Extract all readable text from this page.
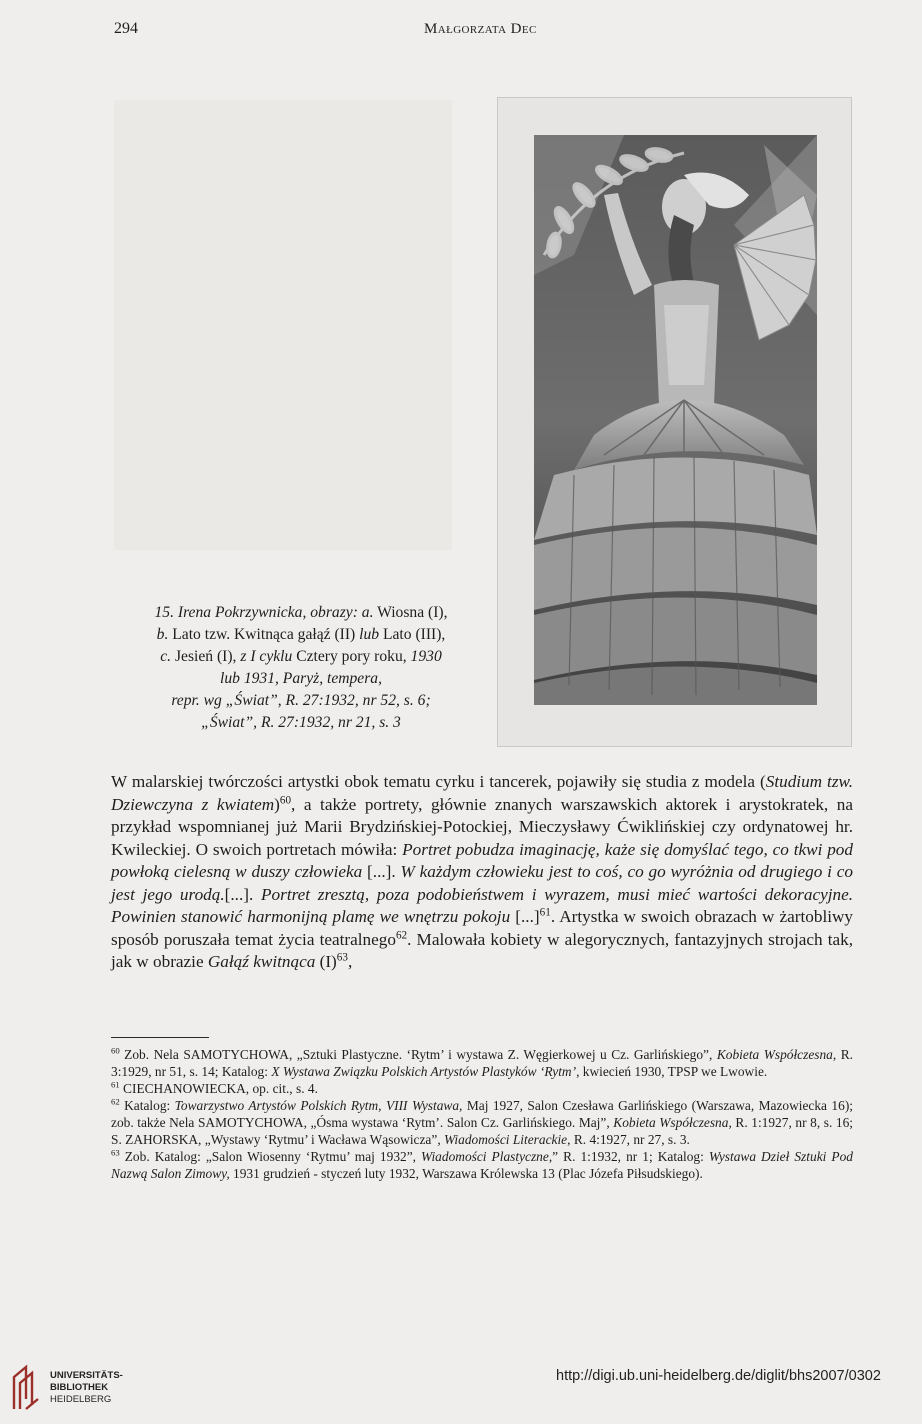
294	Małgorzata Dec
15. Irena Pokrzywnicka, obrazy: a. Wiosna (I),
b. Lato tzw. Kwitnąca gałąź (II) lub Lato (III),
c. Jesień (I), z I cyklu Cztery pory roku, 1930
lub 1931, Paryż, tempera,
repr. wg „Świat”, R. 27:1932, nr 52, s. 6;
„Świat”, R. 27:1932, nr 21, s. 3
W malarskiej twórczości artystki obok tematu cyrku i tancerek, pojawiły się studia z modela (Studium tzw. Dziewczyna z kwiatem)$^{60}$, a także portrety, głównie znanych warszawskich aktorek i arystokratek, na przykład wspomnianej już Marii Brydzińskiej-Potockiej, Mieczysławy Ćwiklińskiej czy ordynatowej hr. Kwileckiej. O swoich portretach mówiła: Portret pobudza imaginację, każe się domyślać tego, co tkwi pod powłoką cielesną w duszy człowieka [...]. W każdym człowieku jest to coś, co go wyróżnia od drugiego i co jest jego urodą.[...]. Portret zresztą, poza podobieństwem i wyrazem, musi mieć wartości dekoracyjne. Powinien stanowić harmonijną plamę we wnętrzu pokoju [...]$^{61}$. Artystka w swoich obrazach w żartobliwy sposób poruszała temat życia teatralnego$^{62}$. Malowała kobiety w alegorycznych, fantazyjnych strojach tak, jak w obrazie Gałąź kwitnąca $(I)^{63}$,

$^{60}$ Zob. Nela SAMOTYCHOWA, „Sztuki Plastyczne. ‘Rytm’ i wystawa Z. Węgierkowej u Cz. Garlińskiego”, Kobieta Współczesna, R. 3:1929, nr 51, s. 14; Katalog: X Wystawa Związku Polskich Artystów Plastyków ‘Rytm’, kwiecień 1930, TPSP we Lwowie.

$^{61}$ CIECHANOWIECKA, op. cit., s. 4.

$^{62}$ Katalog: Towarzystwo Artystów Polskich Rytm, VIII Wystawa, Maj 1927, Salon Czesława Garlińskiego (Warszawa, Mazowiecka 16); zob. także Nela SAMOTYCHOWA, „Ósma wystawa ‘Rytm’. Salon Cz. Garlińskiego. Maj”, Kobieta Współczesna, R. 1:1927, nr 8, s. 16; S. ZAHORSKA, „Wystawy ‘Rytmu’ i Wacława Wąsowicza”, Wiadomości Literackie, R. 4:1927, nr 27, s. 3.

$^{63}$ Zob. Katalog: „Salon Wiosenny ‘Rytmu’ maj 1932”, Wiadomości Plastyczne,” R. 1:1932, nr 1; Katalog: Wystawa Dzieł Sztuki Pod Nazwą Salon Zimowy, 1931 grudzień - styczeń luty 1932, Warszawa Królewska 13 (Plac Józefa Piłsudskiego).

UNIVERSITÄTS-
BIBLIOTHEK
HEIDELBERG
http://digi.ub.uni-heidelberg.de/diglit/bhs2007/0302
